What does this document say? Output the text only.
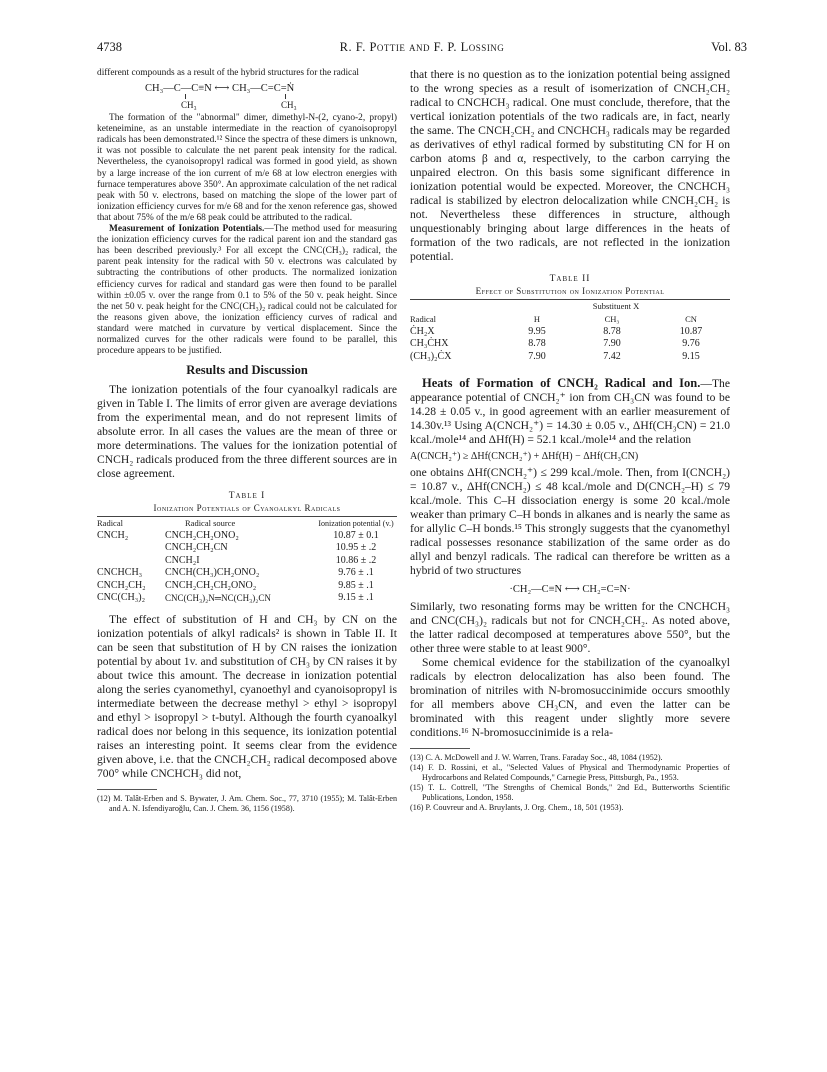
4738	R. F. Pottie and F. P. Lossing	Vol. 83

different compounds as a result of the hybrid structures for the radical

CH₃—C—C≡N ⟷ CH₃—C=C=Ṅ
CH₃	CH₃

The formation of the "abnormal" dimer, dimethyl-N-(2, cyano-2, propyl) keteneimine, as an unstable intermediate in the reaction of cyanoisopropyl radicals has been demonstrated.¹² Since the spectra of these dimers is unknown, it was not possible to calculate the net parent peak intensity for the radical. Nevertheless, the cyanoisopropyl radical was formed in good yield, as shown by a large increase of the ion current of m/e 68 at low electron energies with furnace temperatures above 350°. An approximate calculation of the net radical peak with 50 v. electrons, based on matching the slope of the lower part of ionization efficiency curves for m/e 68 and for the xenon reference gas, showed that about 75% of the m/e 68 peak could be attributed to the radical.

Measurement of Ionization Potentials.—The method used for measuring the ionization efficiency curves for the radical parent ion and the standard gas has been described previously.³ For all except the CNC(CH₃)₂ radical, the parent peak intensity for the radical with 50 v. electrons was calculated by subtracting the contributions of other products. The normalized ionization efficiency curves for radical and standard gas were then found to be parallel within ±0.05 v. over the range from 0.1 to 5% of the 50 v. peak height. Since the net 50 v. peak height for the CNC(CH₃)₂ radical could not be calculated for the reasons given above, the ionization efficiency curves of radical and standard were matched in curvature by vertical displacement. Since the normalized curves for the other radicals were found to be parallel, this procedure appears to be justified.

Results and Discussion

The ionization potentials of the four cyanoalkyl radicals are given in Table I. The limits of error given are average deviations from the experimental mean, and do not represent limits of absolute error. In all cases the values are the mean of three or more determinations. The values for the ionization potential of CNCH₂ radicals produced from the three different sources are in close agreement.

Table I
Ionization Potentials of Cyanoalkyl Radicals
Radical	Radical source	Ionization potential (v.)
CNCH₂	CNCH₂CH₂ONO₂	10.87 ± 0.1
	CNCH₂CH₂CN	10.95 ± .2
	CNCH₂I	10.86 ± .2
CNCHCH₃	CNCH(CH₃)CH₂ONO₂	9.76 ± .1
CNCH₂CH₂	CNCH₂CH₂CH₂ONO₂	9.85 ± .1
CNC(CH₃)₂	CNC(CH₃)₂N═NC(CH₃)₂CN	9.15 ± .1

The effect of substitution of H and CH₃ by CN on the ionization potentials of alkyl radicals² is shown in Table II. It can be seen that substitution of H by CN raises the ionization potential by about 1v. and substitution of CH₃ by CN raises it by about twice this amount. The decrease in ionization potential along the series cyanomethyl, cyanoethyl and cyanoisopropyl is intermediate between the decrease methyl > ethyl > isopropyl and ethyl > isopropyl > t-butyl. Although the fourth cyanoalkyl radical does nor belong in this sequence, its ionization potential raises an interesting point. It seems clear from the evidence given above, i.e. that the CNCH₂CH₂ radical decomposed above 700° while CNCHCH₃ did not,

(12) M. Talât-Erben and S. Bywater, J. Am. Chem. Soc., 77, 3710 (1955); M. Talât-Erben and A. N. Isfendiyaroğlu, Can. J. Chem. 36, 1156 (1958).

that there is no question as to the ionization potential being assigned to the wrong species as a result of isomerization of CNCH₂CH₂ radical to CNCHCH₃ radical. One must conclude, therefore, that the vertical ionization potentials of the two radicals are, in fact, nearly the same. The CNCH₂CH₂ and CNCHCH₃ radicals may be regarded as derivatives of ethyl radical formed by substituting CN for H on carbon atoms β and α, respectively, to the carbon carrying the unpaired electron. On this basis some significant difference in ionization potential would be expected. Moreover, the CNCHCH₃ radical is stabilized by electron delocalization while CNCH₂CH₂ is not. Nevertheless these differences in structure, although unquestionably bringing about large differences in the heats of formation of the two radicals, are not reflected in the ionization potential.

Table II
Effect of Substitution on Ionization Potential
	Substituent X		
Radical	H	CH₃	CN
ĊH₂X	9.95	8.78	10.87
CH₃ĊHX	8.78	7.90	9.76
(CH₃)₂ĊX	7.90	7.42	9.15

Heats of Formation of CNCH₂ Radical and Ion.—The appearance potential of CNCH₂⁺ ion from CH₃CN was found to be 14.28 ± 0.05 v., in good agreement with an earlier measurement of 14.30v.¹³ Using A(CNCH₂⁺) = 14.30 ± 0.05 v., ΔHf(CH₃CN) = 21.0 kcal./mole¹⁴ and ΔHf(H) = 52.1 kcal./mole¹⁴ and the relation

A(CNCH₂⁺) ≥ ΔHf(CNCH₂⁺) + ΔHf(H) − ΔHf(CH₃CN)

one obtains ΔHf(CNCH₂⁺) ≤ 299 kcal./mole. Then, from I(CNCH₂) = 10.87 v., ΔHf(CNCH₂) ≤ 48 kcal./mole and D(CNCH₂–H) ≤ 79 kcal./mole. This C–H dissociation energy is some 20 kcal./mole weaker than primary C–H bonds in alkanes and is nearly the same as for allylic C–H bonds.¹⁵ This strongly suggests that the cyanomethyl radical possesses resonance stabilization of the same order as do allyl and benzyl radicals. The radical can therefore be written as a hybrid of two structures

·CH₂—C≡N ⟷ CH₂=C=N·

Similarly, two resonating forms may be written for the CNCHCH₃ and CNC(CH₃)₂ radicals but not for CNCH₂CH₂. As noted above, the latter radical decomposed at temperatures above 550°, but the other three were stable to at least 900°.

Some chemical evidence for the stabilization of the cyanoalkyl radicals by electron delocalization has also been found. The bromination of nitriles with N-bromosuccinimide occurs smoothly for all members above CH₃CN, and even the latter can be brominated with this reagent under slightly more severe conditions.¹⁶ N-bromosuccinimide is a rela-

(13) C. A. McDowell and J. W. Warren, Trans. Faraday Soc., 48, 1084 (1952).

(14) F. D. Rossini, et al., "Selected Values of Physical and Thermodynamic Properties of Hydrocarbons and Related Compounds," Carnegie Press, Pittsburgh, Pa., 1953.

(15) T. L. Cottrell, "The Strengths of Chemical Bonds," 2nd Ed., Butterworths Scientific Publications, London, 1958.

(16) P. Couvreur and A. Bruylants, J. Org. Chem., 18, 501 (1953).
